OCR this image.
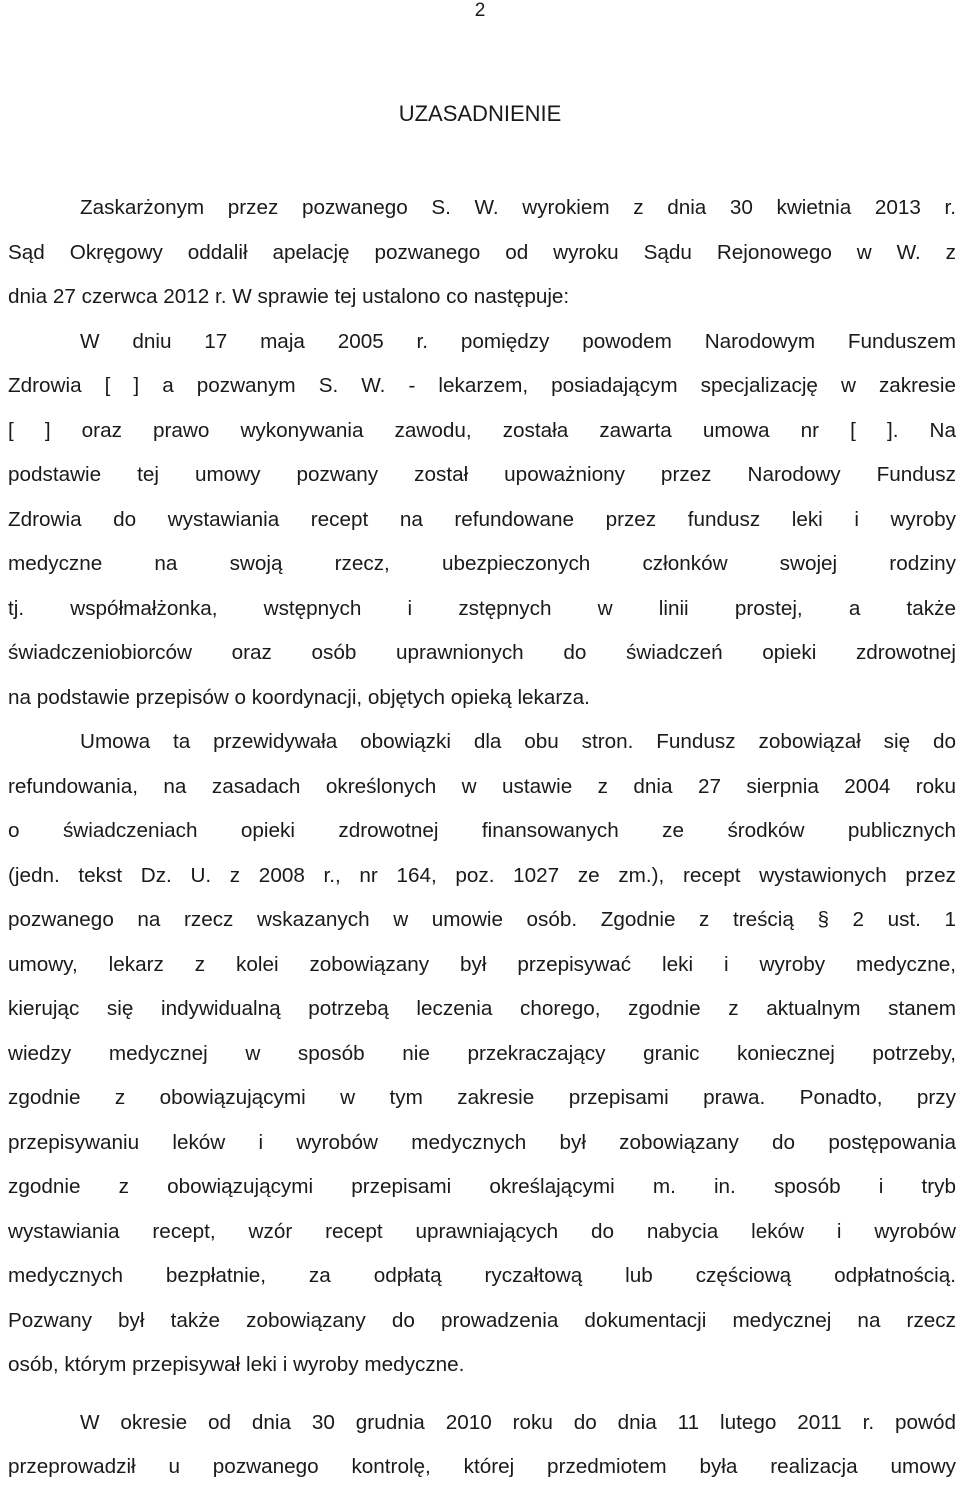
2
UZASADNIENIE
Zaskarżonym przez pozwanego S. W. wyrokiem z dnia 30 kwietnia 2013 r.
Sąd Okręgowy oddalił apelację pozwanego od wyroku Sądu Rejonowego w W. z
dnia 27 czerwca 2012 r. W sprawie tej ustalono co następuje:
W dniu 17 maja 2005 r. pomiędzy powodem Narodowym Funduszem
Zdrowia [ ] a pozwanym S. W. - lekarzem, posiadającym specjalizację w zakresie
[ ] oraz prawo wykonywania zawodu, została zawarta umowa nr [ ]. Na
podstawie tej umowy pozwany został upoważniony przez Narodowy Fundusz
Zdrowia do wystawiania recept na refundowane przez fundusz leki i wyroby
medyczne na swoją rzecz, ubezpieczonych członków swojej rodziny
tj. współmałżonka, wstępnych i zstępnych w linii prostej, a także
świadczeniobiorców oraz osób uprawnionych do świadczeń opieki zdrowotnej
na podstawie przepisów o koordynacji, objętych opieką lekarza.
Umowa ta przewidywała obowiązki dla obu stron. Fundusz zobowiązał się do
refundowania, na zasadach określonych w ustawie z dnia 27 sierpnia 2004 roku
o świadczeniach opieki zdrowotnej finansowanych ze środków publicznych
(jedn. tekst Dz. U. z 2008 r., nr 164, poz. 1027 ze zm.), recept wystawionych przez
pozwanego na rzecz wskazanych w umowie osób. Zgodnie z treścią § 2 ust. 1
umowy, lekarz z kolei zobowiązany był przepisywać leki i wyroby medyczne,
kierując się indywidualną potrzebą leczenia chorego, zgodnie z aktualnym stanem
wiedzy medycznej w sposób nie przekraczający granic koniecznej potrzeby,
zgodnie z obowiązującymi w tym zakresie przepisami prawa. Ponadto, przy
przepisywaniu leków i wyrobów medycznych był zobowiązany do postępowania
zgodnie z obowiązującymi przepisami określającymi m. in. sposób i tryb
wystawiania recept, wzór recept uprawniających do nabycia leków i wyrobów
medycznych bezpłatnie, za odpłatą ryczałtową lub częściową odpłatnością.
Pozwany był także zobowiązany do prowadzenia dokumentacji medycznej na rzecz
osób, którym przepisywał leki i wyroby medyczne.
W okresie od dnia 30 grudnia 2010 roku do dnia 11 lutego 2011 r. powód
przeprowadził u pozwanego kontrolę, której przedmiotem była realizacja umowy
